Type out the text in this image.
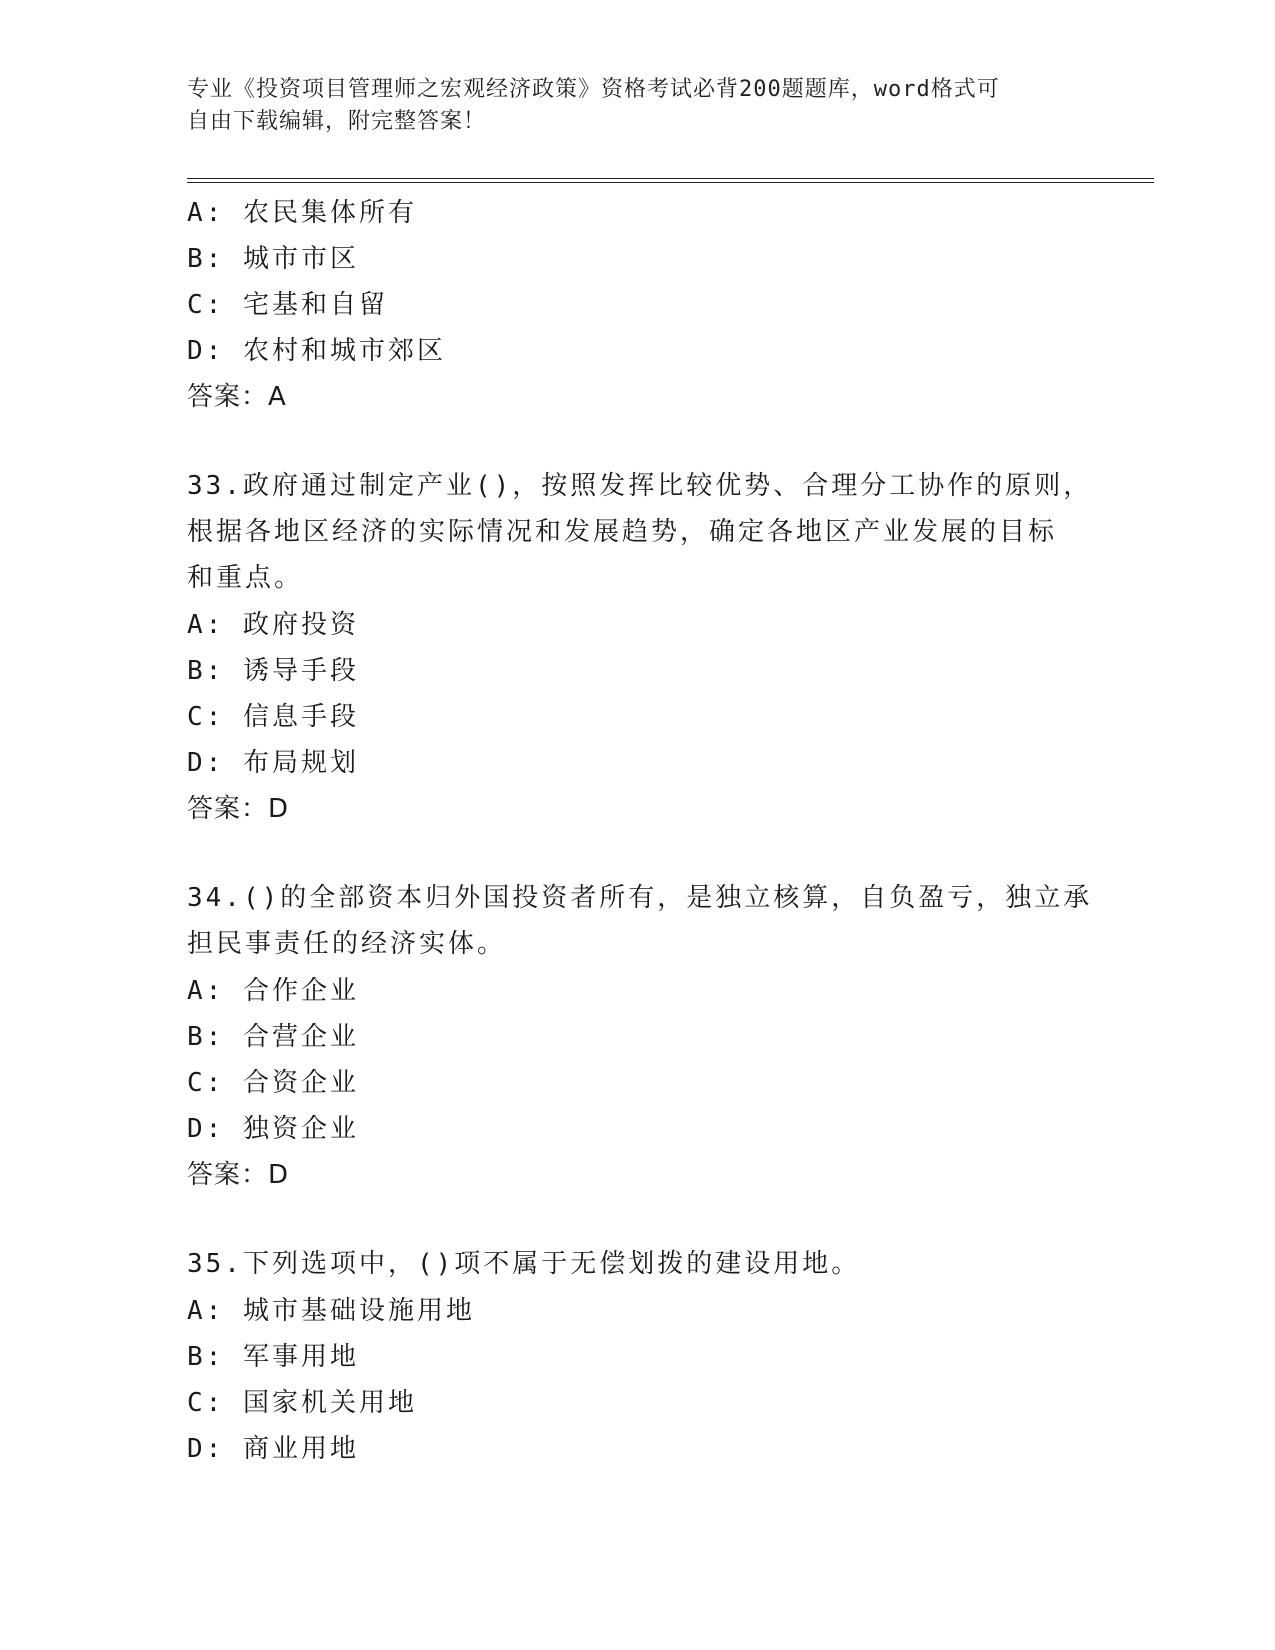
专业《投资项目管理师之宏观经济政策》资格考试必背200题题库，word格式可
自由下载编辑，附完整答案！
A: 农民集体所有
B: 城市市区
C: 宅基和自留
D: 农村和城市郊区
答案：A
33.政府通过制定产业()，按照发挥比较优势、合理分工协作的原则，
根据各地区经济的实际情况和发展趋势，确定各地区产业发展的目标
和重点。
A: 政府投资
B: 诱导手段
C: 信息手段
D: 布局规划
答案：D
34.()的全部资本归外国投资者所有，是独立核算，自负盈亏，独立承
担民事责任的经济实体。
A: 合作企业
B: 合营企业
C: 合资企业
D: 独资企业
答案：D
35.下列选项中，()项不属于无偿划拨的建设用地。
A: 城市基础设施用地
B: 军事用地
C: 国家机关用地
D: 商业用地
